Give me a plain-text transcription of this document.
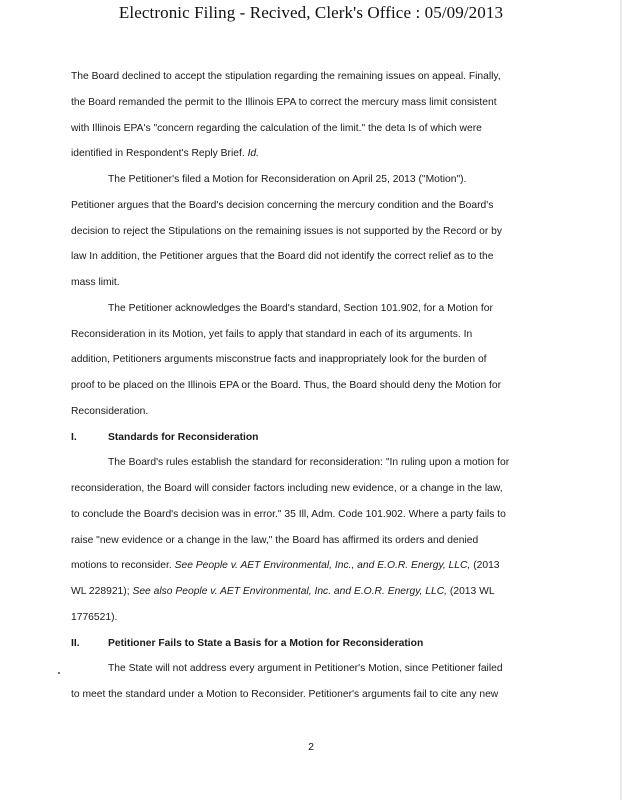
Electronic Filing - Recived, Clerk's Office : 05/09/2013

The Board declined to accept the stipulation regarding the remaining issues on appeal. Finally,
the Board remanded the permit to the Illinois EPA to correct the mercury mass limit consistent
with Illinois EPA's "concern regarding the calculation of the limit." the deta Is of which were
identified in Respondent's Reply Brief. Id.

The Petitioner's filed a Motion for Reconsideration on April 25, 2013 ("Motion").
Petitioner argues that the Board's decision concerning the mercury condition and the Board's
decision to reject the Stipulations on the remaining issues is not supported by the Record or by
law In addition, the Petitioner argues that the Board did not identify the correct relief as to the
mass limit.

The Petitioner acknowledges the Board's standard, Section 101.902, for a Motion for
Reconsideration in its Motion, yet fails to apply that standard in each of its arguments. In
addition, Petitioners arguments misconstrue facts and inappropriately look for the burden of
proof to be placed on the Illinois EPA or the Board. Thus, the Board should deny the Motion for
Reconsideration.

I.	Standards for Reconsideration

The Board's rules establish the standard for reconsideration: "In ruling upon a motion for
reconsideration, the Board will consider factors including new evidence, or a change in the law,
to conclude the Board's decision was in error." 35 Ill, Adm. Code 101.902. Where a party fails to
raise "new evidence or a change in the law," the Board has affirmed its orders and denied
motions to reconsider. See People v. AET Environmental, Inc., and E.O.R. Energy, LLC, (2013
WL 228921); See also People v. AET Environmental, Inc. and E.O.R. Energy, LLC, (2013 WL
1776521).

II.	Petitioner Fails to State a Basis for a Motion for Reconsideration

The State will not address every argument in Petitioner's Motion, since Petitioner failed
to meet the standard under a Motion to Reconsider. Petitioner's arguments fail to cite any new

2
